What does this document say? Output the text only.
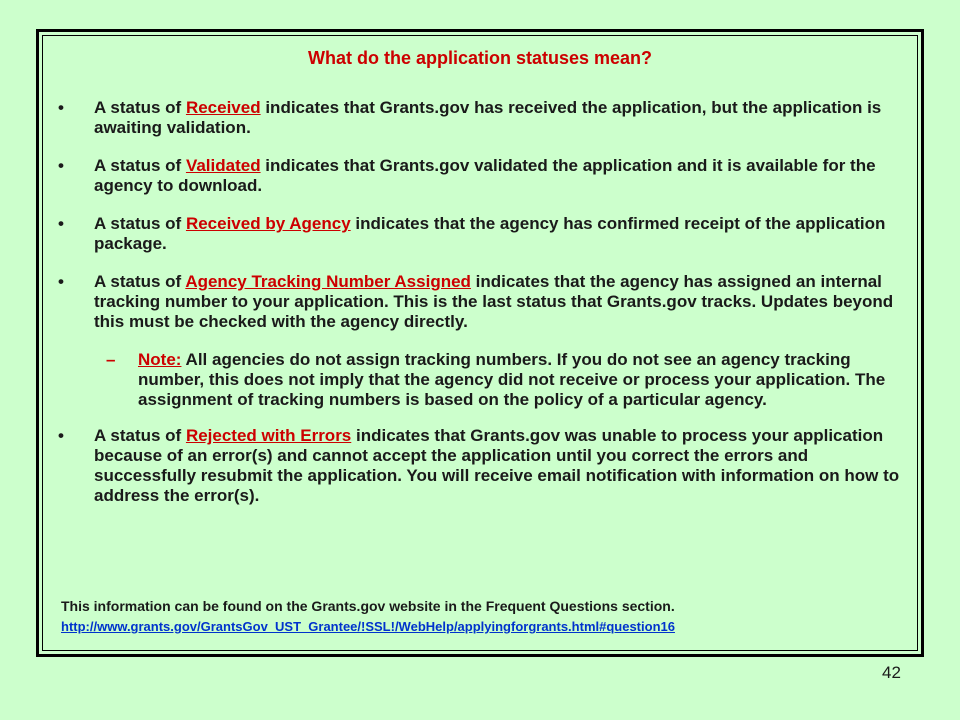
What do the application statuses mean?
•	A status of Received indicates that Grants.gov has received the application, but the application is awaiting validation.
•	A status of Validated indicates that Grants.gov validated the application and it is available for the agency to download.
•	A status of Received by Agency indicates that the agency has confirmed receipt of the application package.
•	A status of Agency Tracking Number Assigned indicates that the agency has assigned an internal tracking number to your application. This is the last status that Grants.gov tracks. Updates beyond this must be checked with the agency directly.
– Note: All agencies do not assign tracking numbers. If you do not see an agency tracking number, this does not imply that the agency did not receive or process your application. The assignment of tracking numbers is based on the policy of a particular agency.
•	A status of Rejected with Errors indicates that Grants.gov was unable to process your application because of an error(s) and cannot accept the application until you correct the errors and successfully resubmit the application. You will receive email notification with information on how to address the error(s).

This information can be found on the Grants.gov website in the Frequent Questions section.

http://www.grants.gov/GrantsGov_UST_Grantee/!SSL!/WebHelp/applyingforgrants.html#question16
42
